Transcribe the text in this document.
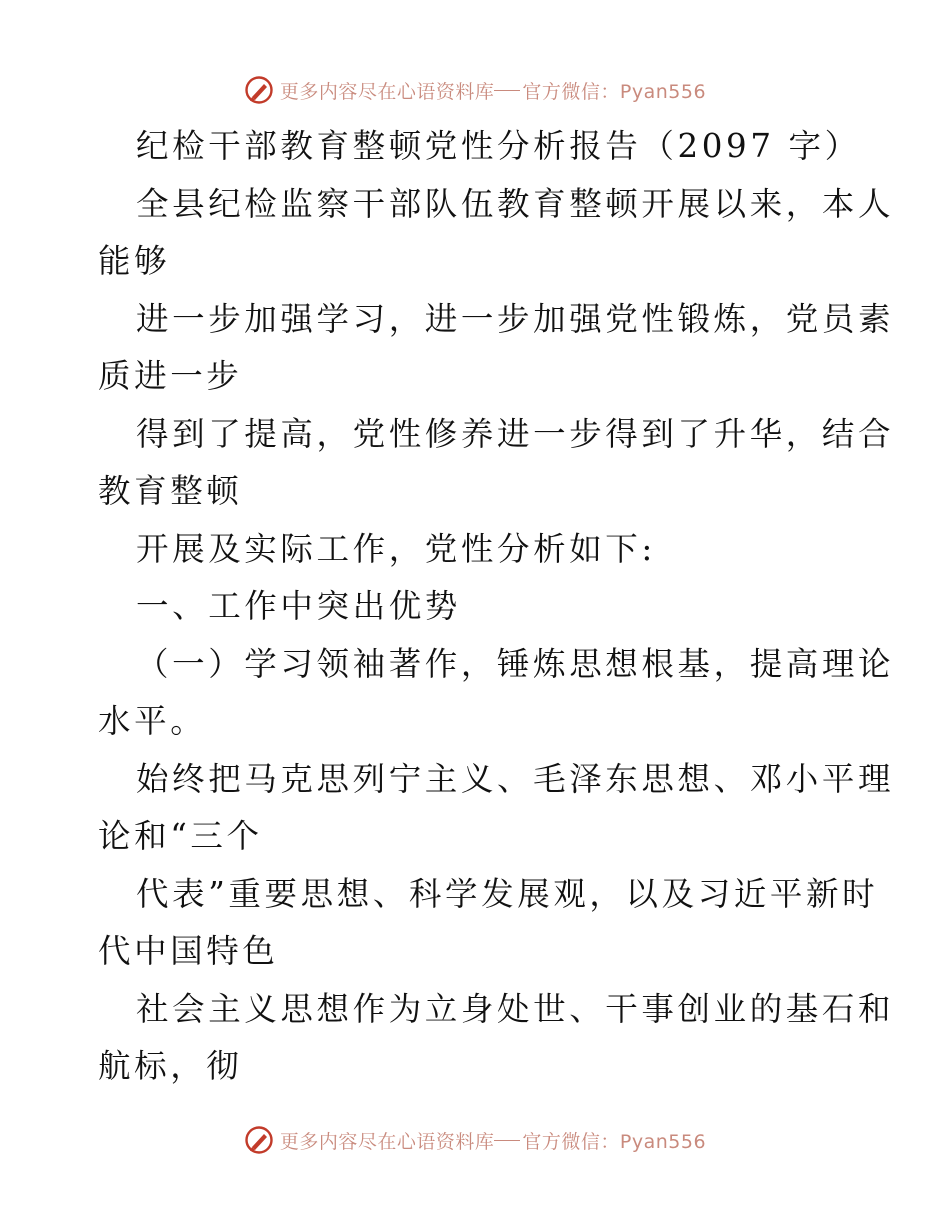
更多内容尽在心语资料库 官方微信：Pyan556
纪检干部教育整顿党性分析报告（2097 字）
全县纪检监察干部队伍教育整顿开展以来，本人
能够
进一步加强学习，进一步加强党性锻炼，党员素
质进一步
得到了提高，党性修养进一步得到了升华，结合
教育整顿
开展及实际工作，党性分析如下:
一、工作中突出优势
（一）学习领袖著作，锤炼思想根基，提高理论
水平。
始终把马克思列宁主义、毛泽东思想、邓小平理
论和“三个
代表”重要思想、科学发展观，以及习近平新时
代中国特色
社会主义思想作为立身处世、干事创业的基石和
航标，彻
更多内容尽在心语资料库 官方微信：Pyan556
